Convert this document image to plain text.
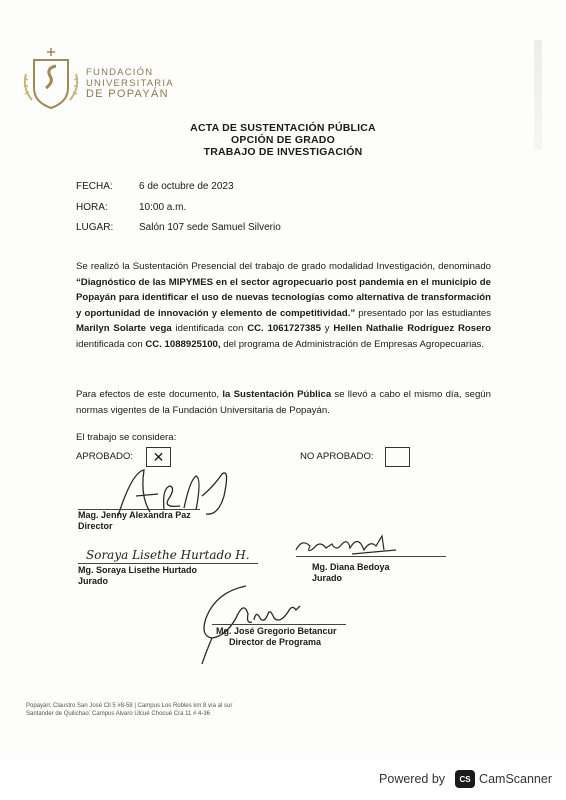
FUNDACIÓN
UNIVERSITARIA
DE POPAYÁN
ACTA DE SUSTENTACIÓN PÚBLICA
OPCIÓN DE GRADO
TRABAJO DE INVESTIGACIÓN
FECHA:	6 de octubre de 2023
HORA:	10:00 a.m.
LUGAR:	Salón 107 sede Samuel Silverio
Se realizó la Sustentación Presencial del trabajo de grado modalidad Investigación, denominado “Diagnóstico de las MIPYMES en el sector agropecuario post pandemia en el municipio de Popayán para identificar el uso de nuevas tecnologías como alternativa de transformación y oportunidad de innovación y elemento de competitividad.” presentado por las estudiantes Marilyn Solarte vega identificada con CC. 1061727385 y Hellen Nathalie Rodríguez Rosero identificada con CC. 1088925100, del programa de Administración de Empresas Agropecuarias.
Para efectos de este documento, la Sustentación Pública se llevó a cabo el mismo día, según normas vigentes de la Fundación Universitaria de Popayán.
El trabajo se considera:
APROBADO:	✕	NO APROBADO:
Mag. Jenny Alexandra Paz
Director
Soraya Lisethe Hurtado H.
Mg. Soraya Lisethe Hurtado
Jurado
Mg. Diana Bedoya
Jurado
Mg. José Gregorio Betancur
Director de Programa
Popayán: Claustro San José Cll 5 #8-58 | Campus Los Robles km 8 vía al sur
Santander de Quilichao: Campus Alvaro Ulcué Chocué Cra 11 # 4-36
Powered by	CS CamScanner
